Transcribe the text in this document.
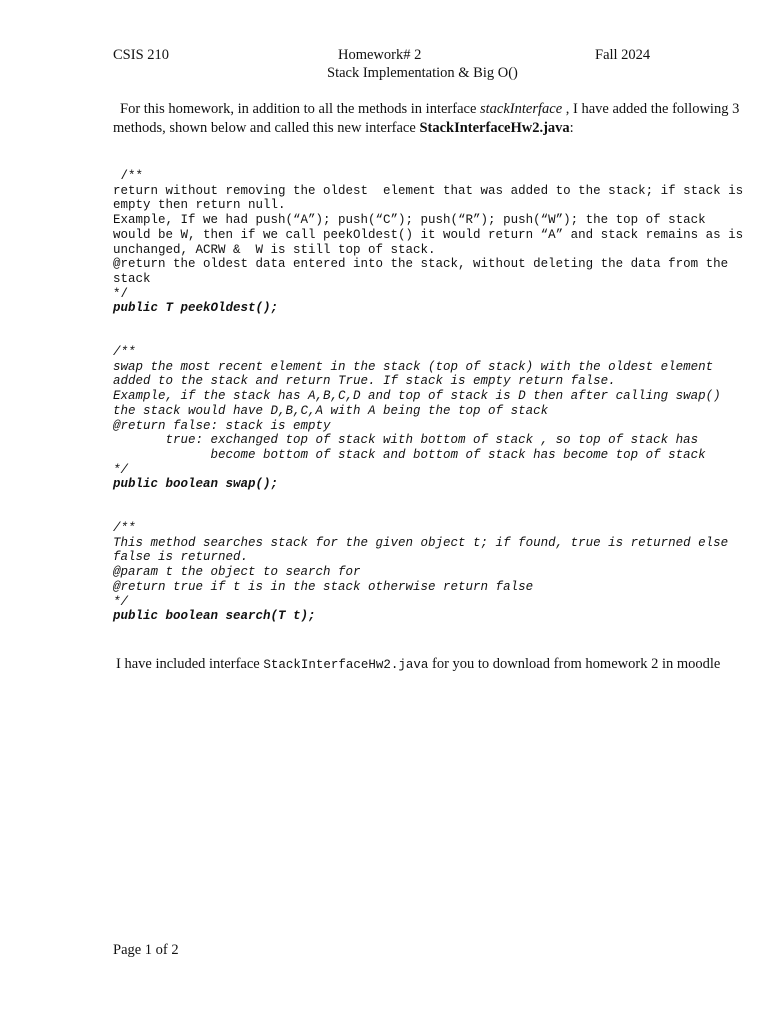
CSIS 210	Homework# 2	Fall 2024
Stack Implementation & Big O()
For this homework, in addition to all the methods in interface stackInterface , I have added the following 3 methods, shown below and called this new interface StackInterfaceHw2.java:
/**
return without removing the oldest  element that was added to the stack; if stack is
empty then return null.
Example, If we had push(“A”); push(“C”); push(“R”); push(“W”); the top of stack
would be W, then if we call peekOldest() it would return “A” and stack remains as is
unchanged, ACRW &  W is still top of stack.
@return the oldest data entered into the stack, without deleting the data from the
stack
*/
public T peekOldest();
/**
swap the most recent element in the stack (top of stack) with the oldest element
added to the stack and return True. If stack is empty return false.
Example, if the stack has A,B,C,D and top of stack is D then after calling swap()
the stack would have D,B,C,A with A being the top of stack
@return false: stack is empty
true: exchanged top of stack with bottom of stack , so top of stack has
become bottom of stack and bottom of stack has become top of stack
*/
public boolean swap();
/**
This method searches stack for the given object t; if found, true is returned else
false is returned.
@param t the object to search for
@return true if t is in the stack otherwise return false
*/
public boolean search(T t);
I have included interface StackInterfaceHw2.java for you to download from homework 2 in moodle
Page 1 of 2
